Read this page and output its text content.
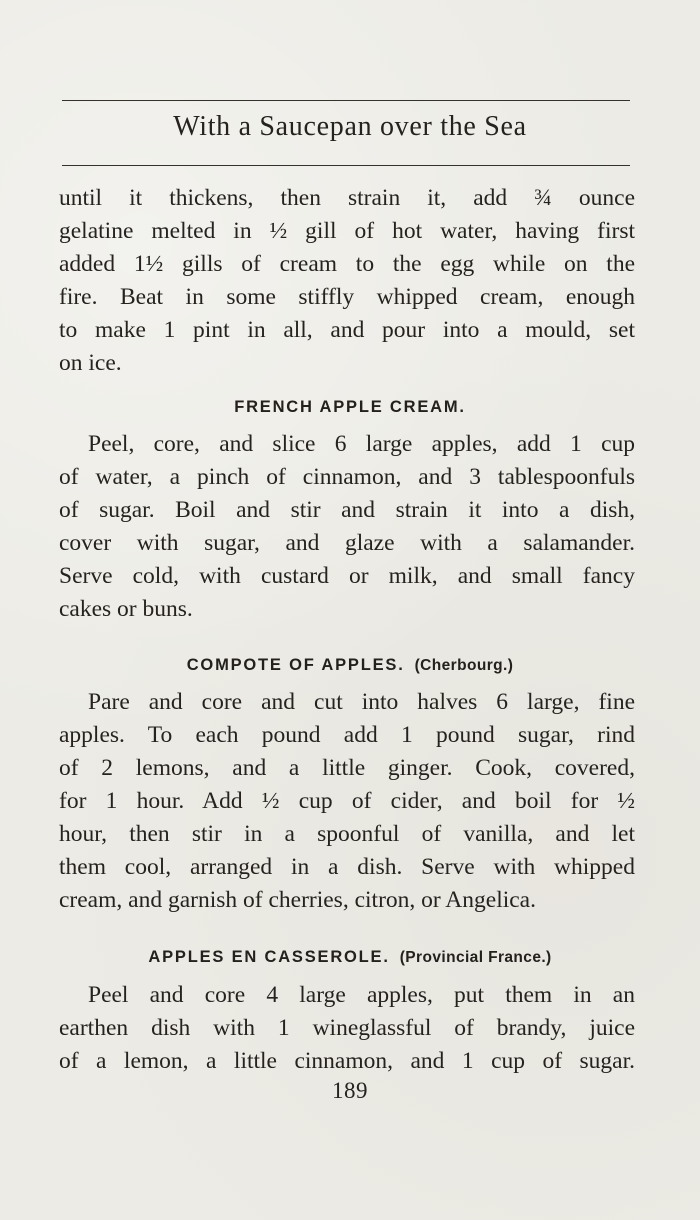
With a Saucepan over the Sea
until it thickens, then strain it, add ¾ ounce
gelatine melted in ½ gill of hot water, having first
added 1½ gills of cream to the egg while on the
fire. Beat in some stiffly whipped cream, enough
to make 1 pint in all, and pour into a mould, set
on ice.
FRENCH APPLE CREAM.
Peel, core, and slice 6 large apples, add 1 cup
of water, a pinch of cinnamon, and 3 tablespoonfuls
of sugar. Boil and stir and strain it into a dish,
cover with sugar, and glaze with a salamander.
Serve cold, with custard or milk, and small fancy
cakes or buns.
COMPOTE OF APPLES. (Cherbourg.)
Pare and core and cut into halves 6 large, fine
apples. To each pound add 1 pound sugar, rind
of 2 lemons, and a little ginger. Cook, covered,
for 1 hour. Add ½ cup of cider, and boil for ½
hour, then stir in a spoonful of vanilla, and let
them cool, arranged in a dish. Serve with whipped
cream, and garnish of cherries, citron, or Angelica.
APPLES EN CASSEROLE. (Provincial France.)
Peel and core 4 large apples, put them in an
earthen dish with 1 wineglassful of brandy, juice
of a lemon, a little cinnamon, and 1 cup of sugar.
189
